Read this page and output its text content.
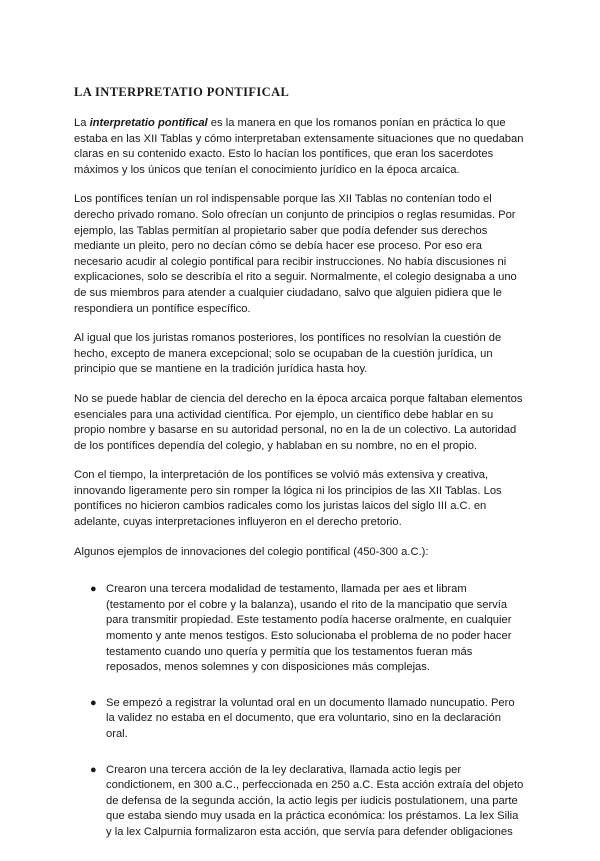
LA INTERPRETATIO PONTIFICAL

La interpretatio pontifical es la manera en que los romanos ponían en práctica lo que estaba en las XII Tablas y cómo interpretaban extensamente situaciones que no quedaban claras en su contenido exacto. Esto lo hacían los pontífices, que eran los sacerdotes máximos y los únicos que tenían el conocimiento jurídico en la época arcaica.

Los pontífices tenían un rol indispensable porque las XII Tablas no contenían todo el derecho privado romano. Solo ofrecían un conjunto de principios o reglas resumidas. Por ejemplo, las Tablas permitían al propietario saber que podía defender sus derechos mediante un pleito, pero no decían cómo se debía hacer ese proceso. Por eso era necesario acudir al colegio pontifical para recibir instrucciones. No había discusiones ni explicaciones, solo se describía el rito a seguir. Normalmente, el colegio designaba a uno de sus miembros para atender a cualquier ciudadano, salvo que alguien pidiera que le respondiera un pontífice específico.

Al igual que los juristas romanos posteriores, los pontífices no resolvían la cuestión de hecho, excepto de manera excepcional; solo se ocupaban de la cuestión jurídica, un principio que se mantiene en la tradición jurídica hasta hoy.

No se puede hablar de ciencia del derecho en la época arcaica porque faltaban elementos esenciales para una actividad científica. Por ejemplo, un científico debe hablar en su propio nombre y basarse en su autoridad personal, no en la de un colectivo. La autoridad de los pontífices dependía del colegio, y hablaban en su nombre, no en el propio.

Con el tiempo, la interpretación de los pontífices se volvió más extensiva y creativa, innovando ligeramente pero sin romper la lógica ni los principios de las XII Tablas. Los pontífices no hicieron cambios radicales como los juristas laicos del siglo III a.C. en adelante, cuyas interpretaciones influyeron en el derecho pretorio.

Algunos ejemplos de innovaciones del colegio pontifical (450-300 a.C.):

● Crearon una tercera modalidad de testamento, llamada per aes et libram (testamento por el cobre y la balanza), usando el rito de la mancipatio que servía para transmitir propiedad. Este testamento podía hacerse oralmente, en cualquier momento y ante menos testigos. Esto solucionaba el problema de no poder hacer testamento cuando uno quería y permitía que los testamentos fueran más reposados, menos solemnes y con disposiciones más complejas.
● Se empezó a registrar la voluntad oral en un documento llamado nuncupatio. Pero la validez no estaba en el documento, que era voluntario, sino en la declaración oral.
● Crearon una tercera acción de la ley declarativa, llamada actio legis per condictionem, en 300 a.C., perfeccionada en 250 a.C. Esta acción extraía del objeto de defensa de la segunda acción, la actio legis per iudicis postulationem, una parte que estaba siendo muy usada en la práctica económica: los préstamos. La lex Silia y la lex Calpurnia formalizaron esta acción, que servía para defender obligaciones
